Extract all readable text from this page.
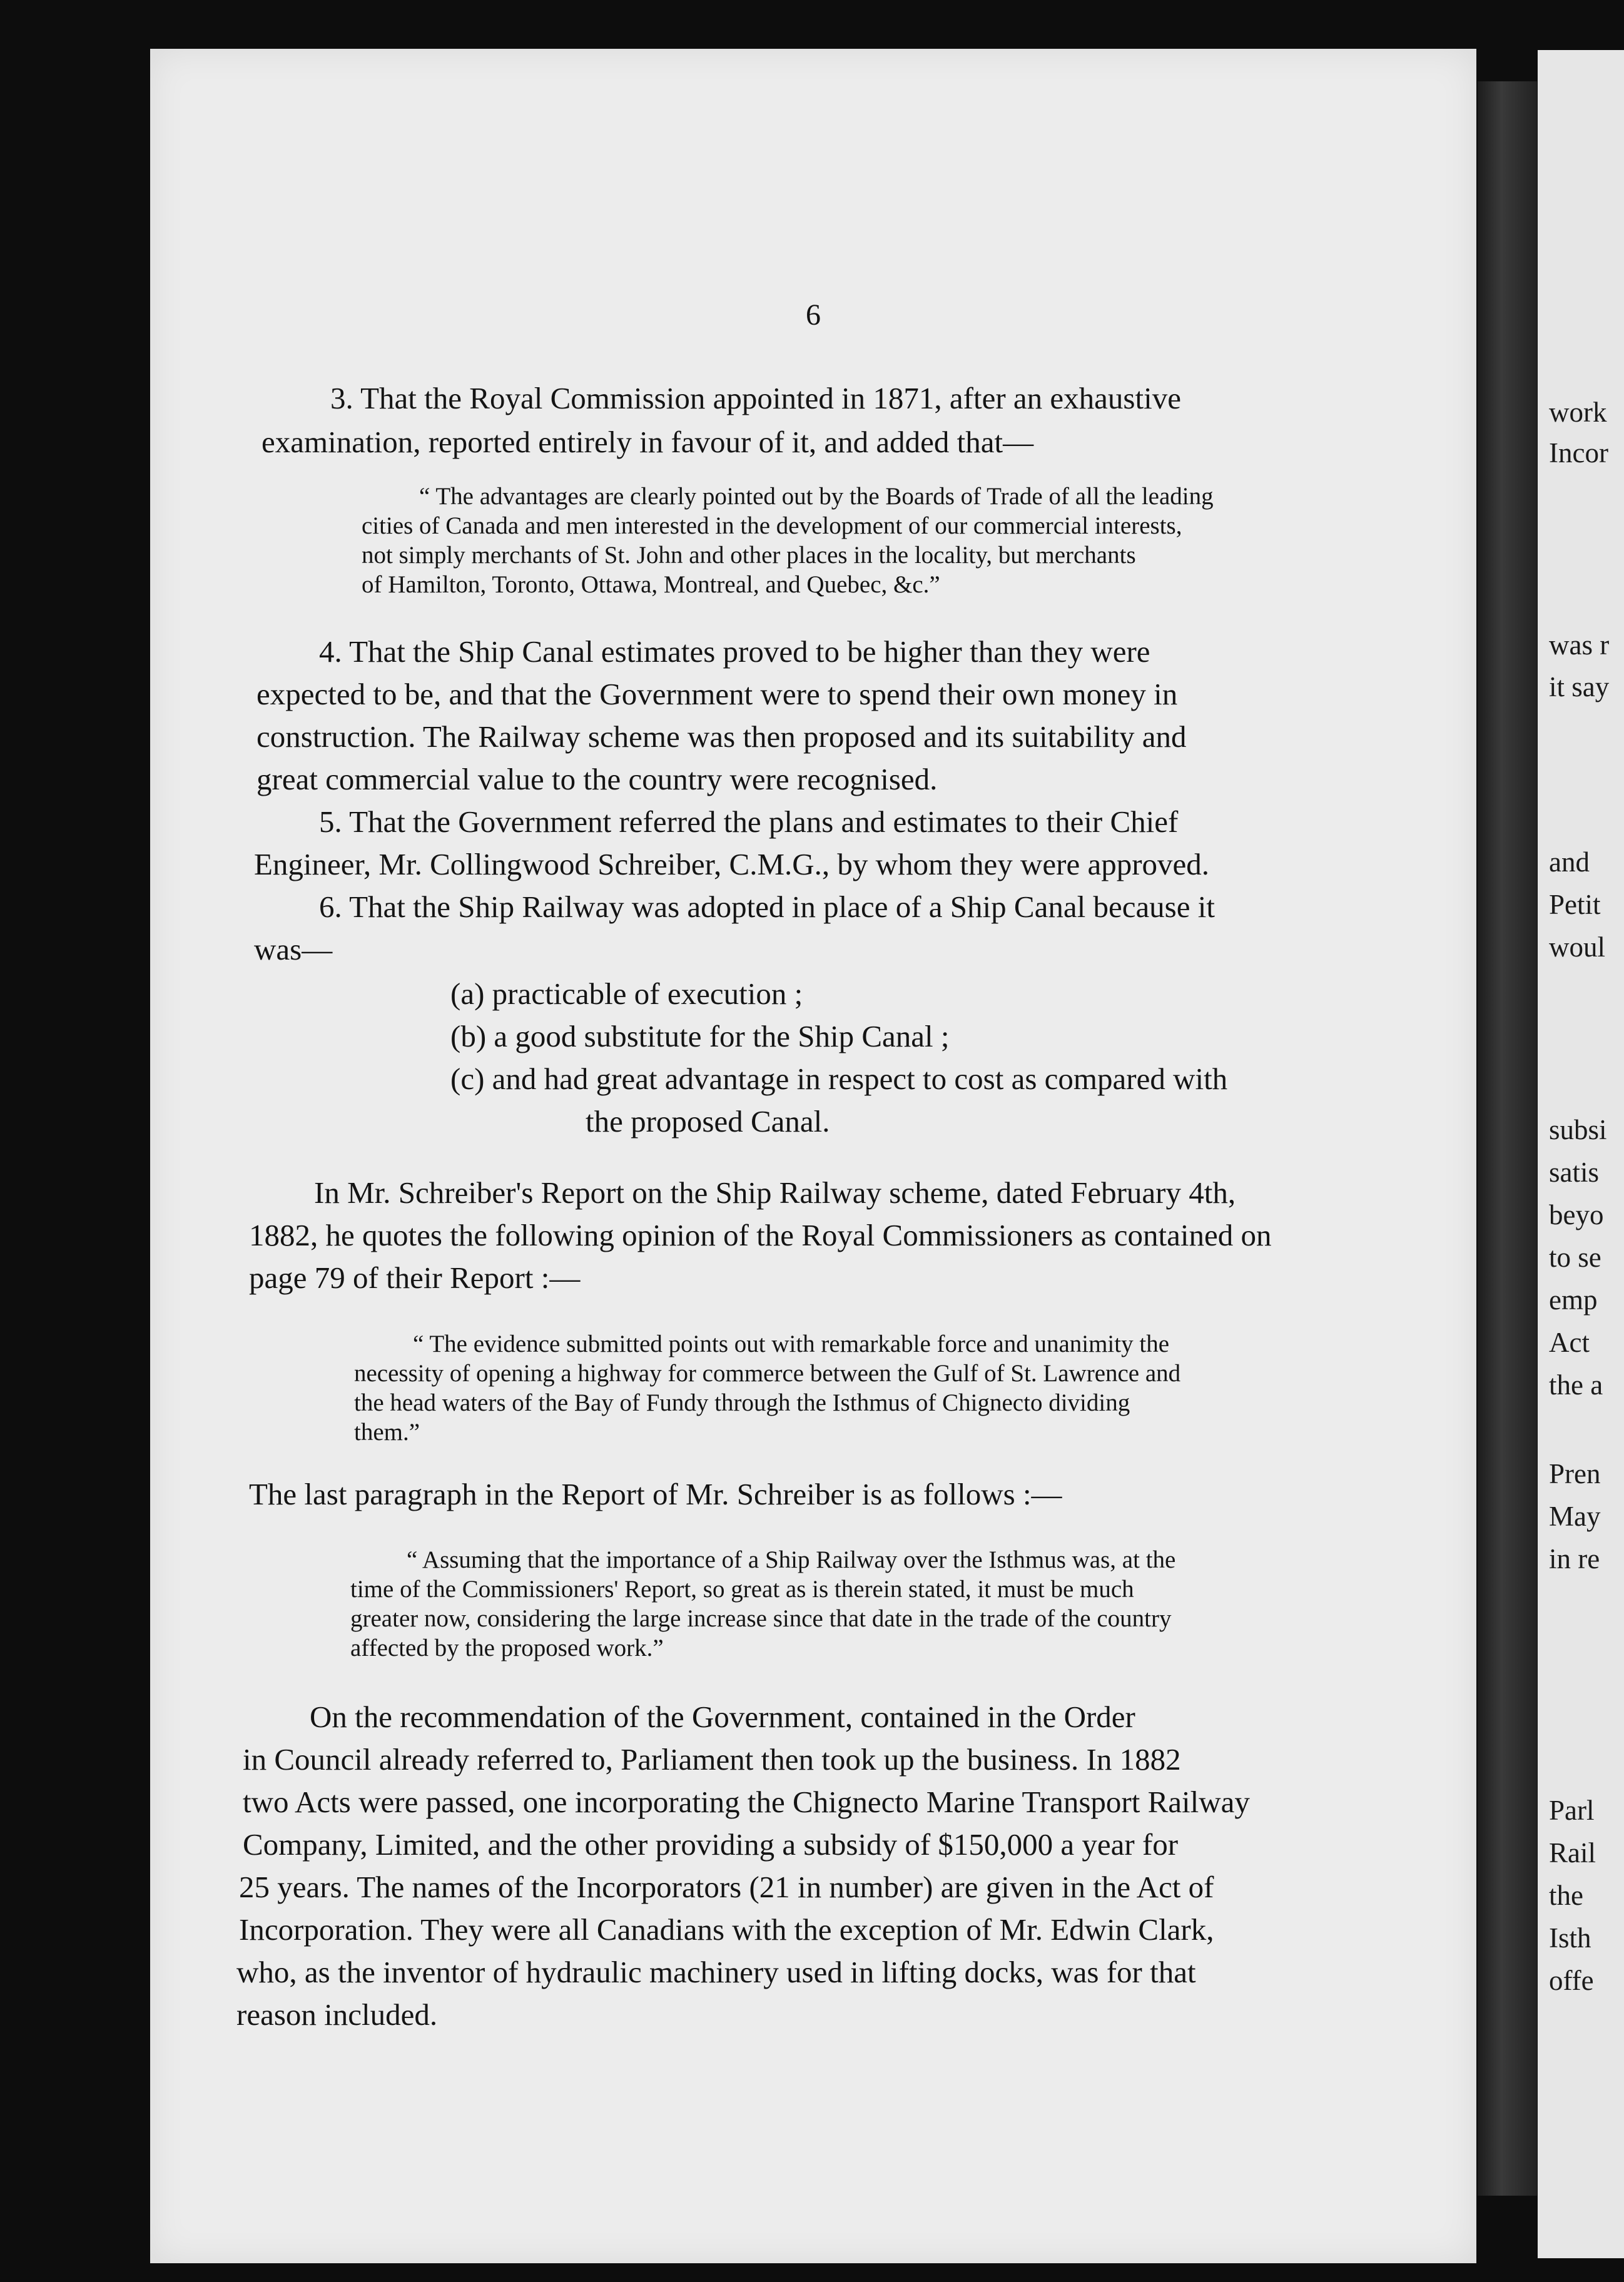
6
3. That the Royal Commission appointed in 1871, after an exhaustive
examination, reported entirely in favour of it, and added that—
“ The advantages are clearly pointed out by the Boards of Trade of all the leading
cities of Canada and men interested in the development of our commercial interests,
not simply merchants of St. John and other places in the locality, but merchants
of Hamilton, Toronto, Ottawa, Montreal, and Quebec, &c.”
4. That the Ship Canal estimates proved to be higher than they were
expected to be, and that the Government were to spend their own money in
construction. The Railway scheme was then proposed and its suitability and
great commercial value to the country were recognised.
5. That the Government referred the plans and estimates to their Chief
Engineer, Mr. Collingwood Schreiber, C.M.G., by whom they were approved.
6. That the Ship Railway was adopted in place of a Ship Canal because it
was—
(a) practicable of execution ;
(b) a good substitute for the Ship Canal ;
(c) and had great advantage in respect to cost as compared with
the proposed Canal.
In Mr. Schreiber's Report on the Ship Railway scheme, dated February 4th,
1882, he quotes the following opinion of the Royal Commissioners as contained on
page 79 of their Report :—
“ The evidence submitted points out with remarkable force and unanimity the
necessity of opening a highway for commerce between the Gulf of St. Lawrence and
the head waters of the Bay of Fundy through the Isthmus of Chignecto dividing
them.”
The last paragraph in the Report of Mr. Schreiber is as follows :—
“ Assuming that the importance of a Ship Railway over the Isthmus was, at the
time of the Commissioners' Report, so great as is therein stated, it must be much
greater now, considering the large increase since that date in the trade of the country
affected by the proposed work.”
On the recommendation of the Government, contained in the Order
in Council already referred to, Parliament then took up the business. In 1882
two Acts were passed, one incorporating the Chignecto Marine Transport Railway
Company, Limited, and the other providing a subsidy of $150,000 a year for
25 years. The names of the Incorporators (21 in number) are given in the Act of
Incorporation. They were all Canadians with the exception of Mr. Edwin Clark,
who, as the inventor of hydraulic machinery used in lifting docks, was for that
reason included.
work
Incor
was r
it say
and
Petit
woul
subsi
satis
beyo
to se
emp
Act
the a
Pren
May
in re
Parl
Rail
the
Isth
offe
